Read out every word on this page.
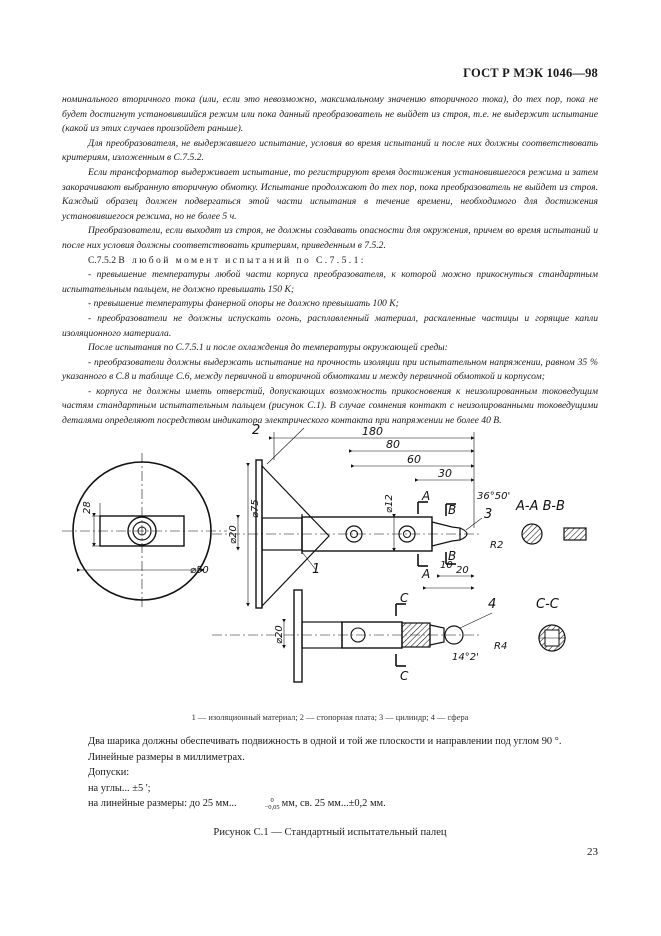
ГОСТ Р МЭК 1046—98

номинального вторичного тока (или, если это невозможно, максимальному значению вторичного тока), до тех пор, пока не будет достигнут установившийся режим или пока данный преобразователь не выйдет из строя, т.е. не выдержит испытание (какой из этих случаев произойдет раньше).

Для преобразователя, не выдержавшего испытание, условия во время испытаний и после них должны соответствовать критериям, изложенным в С.7.5.2.

Если трансформатор выдерживает испытание, то регистрируют время достижения установившегося режима и затем закорачивают выбранную вторичную обмотку. Испытание продолжают до тех пор, пока преобразователь не выйдет из строя. Каждый образец должен подвергаться этой части испытания в течение времени, необходимого для достижения установившегося режима, но не более 5 ч.

Преобразователи, если выходят из строя, не должны создавать опасности для окружения, причем во время испытаний и после них условия должны соответствовать критериям, приведенным в 7.5.2.

С.7.5.2 В любой момент испытаний по С.7.5.1:

- превышение температуры любой части корпуса преобразователя, к которой можно прикоснуться стандартным испытательным пальцем, не должно превышать 150 К;

- превышение температуры фанерной опоры не должно превышать 100 К;

- преобразователи не должны испускать огонь, расплавленный материал, раскаленные частицы и горящие капли изоляционного материала.

После испытания по С.7.5.1 и после охлаждения до температуры окружающей среды:

- преобразователи должны выдержать испытание на прочность изоляции при испытательном напряжении, равном 35 % указанного в С.8 и таблице С.6, между первичной и вторичной обмотками и между первичной обмоткой и корпусом;

- корпуса не должны иметь отверстий, допускающих возможность прикосновения к неизолированным токоведущим частям стандартным испытательным пальцем (рисунок С.1). В случае сомнения контакт с неизолированными токоведущими деталями определяют посредством индикатора электрического контакта при напряжении не более 40 В.

180
80
60
30
36°50'
20
10
R2
R4
14°2'
⌀50
⌀75
⌀20
⌀12
28
⌀20
2
1
3
4
A
A
B
B
C
C
A-A B-B
C-C
1 — изоляционный материал; 2 — стопорная плата; 3 — цилиндр; 4 — сфера

Два шарика должны обеспечивать подвижность в одной и той же плоскости и направлении под углом 90 °.

Линейные размеры в миллиметрах.

Допуски:

на углы... ±5 ';

на линейные размеры: до 25 мм...	0
−0,05 мм, св. 25 мм...±0,2 мм.

Рисунок С.1 — Стандартный испытательный палец
23
